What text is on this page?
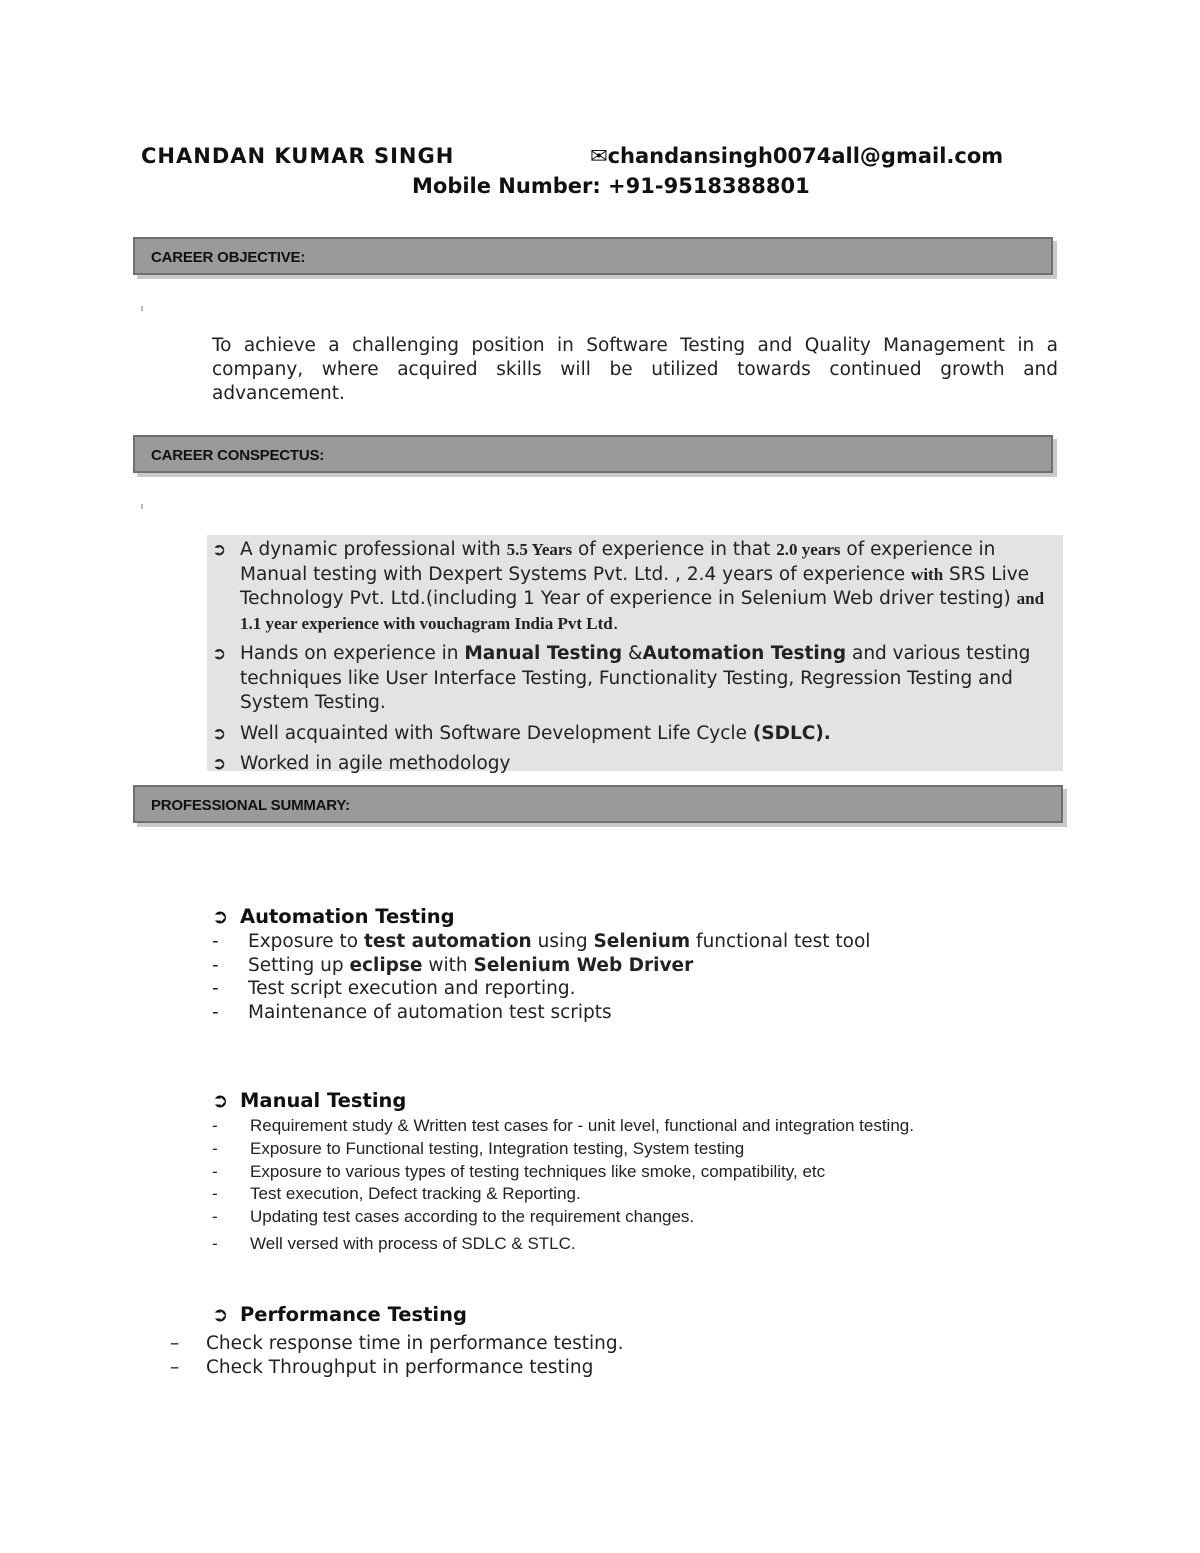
CHANDAN KUMAR SINGH	✉chandansingh0074all@gmail.com
Mobile Number: +91-9518388801
CAREER OBJECTIVE:
To achieve a challenging position in Software Testing and Quality Management in a company, where acquired skills will be utilized towards continued growth and advancement.
CAREER CONSPECTUS:
➲ A dynamic professional with 5.5 Years of experience in that 2.0 years of experience in Manual testing with Dexpert Systems Pvt. Ltd. , 2.4 years of experience with SRS Live Technology Pvt. Ltd.(including 1 Year of experience in Selenium Web driver testing) and 1.1 year experience with vouchagram India Pvt Ltd.
➲ Hands on experience in Manual Testing &Automation Testing and various testing techniques like User Interface Testing, Functionality Testing, Regression Testing and System Testing.
➲ Well acquainted with Software Development Life Cycle (SDLC).
➲ Worked in agile methodology
PROFESSIONAL SUMMARY:
➲ Automation Testing
- Exposure to test automation using Selenium functional test tool
- Setting up eclipse with Selenium Web Driver
- Test script execution and reporting.
- Maintenance of automation test scripts
➲ Manual Testing
- Requirement study & Written test cases for - unit level, functional and integration testing.
- Exposure to Functional testing, Integration testing, System testing
- Exposure to various types of testing techniques like smoke, compatibility, etc
- Test execution, Defect tracking & Reporting.
- Updating test cases according to the requirement changes.
- Well versed with process of SDLC & STLC.
➲ Performance Testing
– Check response time in performance testing.
– Check Throughput in performance testing
